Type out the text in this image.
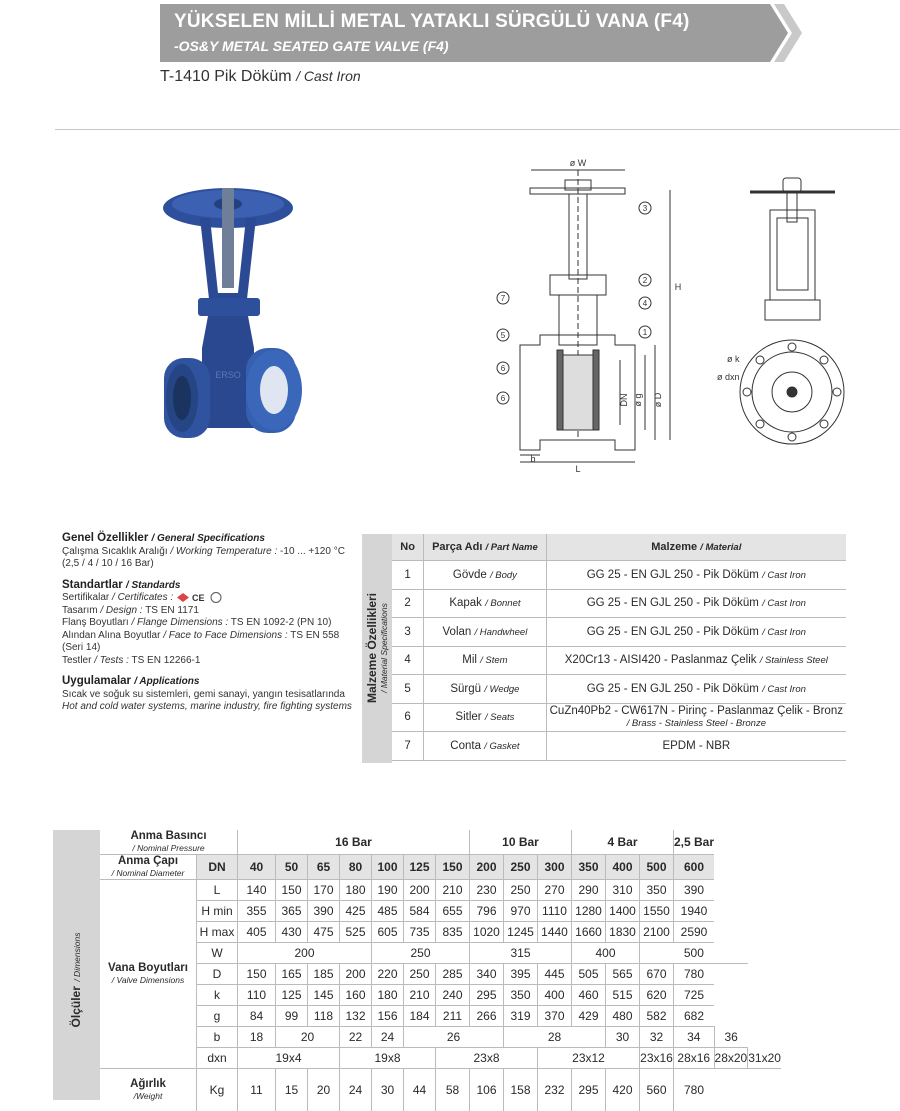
YÜKSELEN MİLLİ METAL YATAKLI SÜRGÜLÜ VANA (F4)
-OS&Y METAL SEATED GATE VALVE (F4)
T-1410 Pik Döküm / Cast Iron
ERSO
ø W
H
DN ø g ø D
b
L
3
2
4
1
7
5
6
6
ø k
ø dxn
Genel Özellikler / General Specifications
Çalışma Sıcaklık Aralığı / Working Temperature : -10 ... +120 °C
(2,5 / 4 / 10 / 16 Bar)
Standartlar / Standards
Sertifikalar / Certificates : CE
Tasarım / Design : TS EN 1171
Flanş Boyutları / Flange Dimensions : TS EN 1092-2 (PN 10)
Alından Alına Boyutlar / Face to Face Dimensions : TS EN 558 (Seri 14)
Testler / Tests : TS EN 12266-1
Uygulamalar / Applications
Sıcak ve soğuk su sistemleri, gemi sanayi, yangın tesisatlarında
Hot and cold water systems, marine industry, fire fighting systems
Malzeme Özellikleri / Material Specifications
No	Parça Adı / Part Name	Malzeme / Material
1	Gövde / Body	GG 25 - EN GJL 250 - Pik Döküm / Cast Iron
2	Kapak / Bonnet	GG 25 - EN GJL 250 - Pik Döküm / Cast Iron
3	Volan / Handwheel	GG 25 - EN GJL 250 - Pik Döküm / Cast Iron
4	Mil / Stem	X20Cr13 - AISI420 - Paslanmaz Çelik / Stainless Steel
5	Sürgü / Wedge	GG 25 - EN GJL 250 - Pik Döküm / Cast Iron
6	Sitler / Seats	CuZn40Pb2 - CW617N - Pirinç - Paslanmaz Çelik - Bronz
/ Brass - Stainless Steel - Bronze
7	Conta / Gasket	EPDM - NBR
Ölçüler / Dimensions
Anma Basıncı
/ Nominal Pressure		16 Bar							10 Bar			4 Bar			2,5 Bar		
Anma Çapı
/ Nominal Diameter	DN	40	50	65	80	100	125	150	200	250	300	350	400	500	600		
Vana Boyutları
/ Valve Dimensions	L	140	150	170	180	190	200	210	230	250	270	290	310	350	390		
	H min	355	365	390	425	485	584	655	796	970	1110	1280	1400	1550	1940		
	H max	405	430	475	525	605	735	835	1020	1245	1440	1660	1830	2100	2590		
	W	200				250			315			400		500			
	D	150	165	185	200	220	250	285	340	395	445	505	565	670	780		
	k	110	125	145	160	180	210	240	295	350	400	460	515	620	725		
	g	84	99	118	132	156	184	211	266	319	370	429	480	582	682		
	b	18	20		22	24	26			28			30	32	34	36	
	dxn	19x4			19x8			23x8			23x12			23x16	28x16	28x20	31x20
Ağırlık
/Weight	Kg	11	15	20	24	30	44	58	106	158	232	295	420	560	780		
